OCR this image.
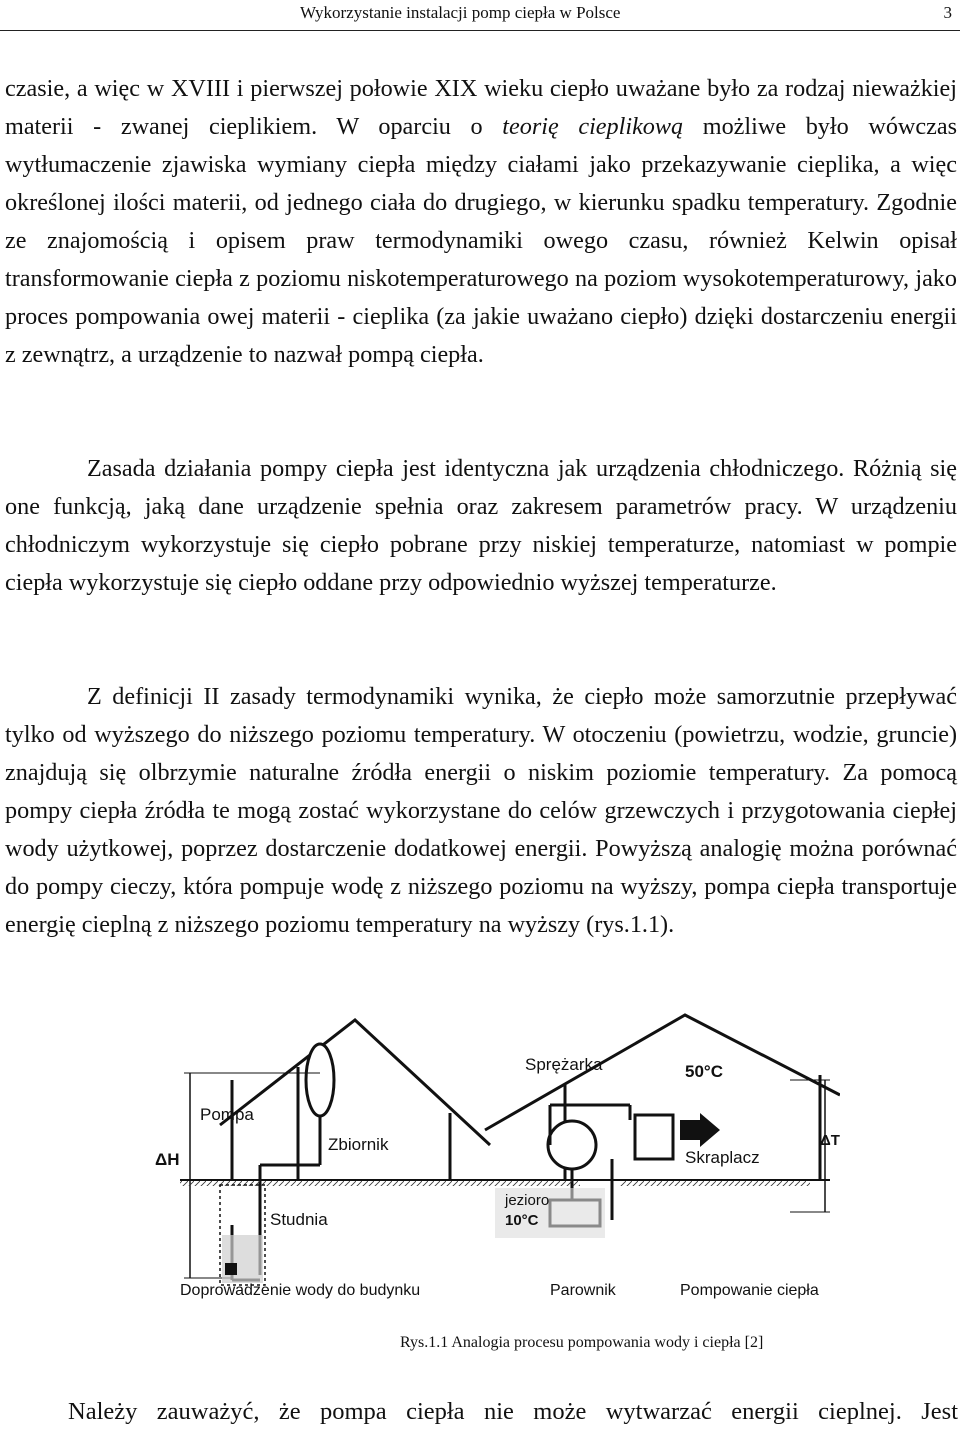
Wykorzystanie instalacji pomp ciepła w Polsce	3

czasie, a więc w XVIII i pierwszej połowie XIX wieku ciepło uważane było za rodzaj nieważkiej materii - zwanej cieplikiem. W oparciu o teorię cieplikową możliwe było wówczas wytłumaczenie zjawiska wymiany ciepła między ciałami jako przekazywanie cieplika, a więc określonej ilości materii, od jednego ciała do drugiego, w kierunku spadku temperatury. Zgodnie ze znajomością i opisem praw termodynamiki owego czasu, również Kelwin opisał transformowanie ciepła z poziomu niskotemperaturowego na poziom wysokotemperaturowy, jako proces pompowania owej materii - cieplika (za jakie uważano ciepło) dzięki dostarczeniu energii z zewnątrz, a urządzenie to nazwał pompą ciepła.

Zasada działania pompy ciepła jest identyczna jak urządzenia chłodniczego. Różnią się one funkcją, jaką dane urządzenie spełnia oraz zakresem parametrów pracy. W urządzeniu chłodniczym wykorzystuje się ciepło pobrane przy niskiej temperaturze, natomiast w pompie ciepła wykorzystuje się ciepło oddane przy odpowiednio wyższej temperaturze.

Z definicji II zasady termodynamiki wynika, że ciepło może samorzutnie przepływać tylko od wyższego do niższego poziomu temperatury. W otoczeniu (powietrzu, wodzie, gruncie) znajdują się olbrzymie naturalne źródła energii o niskim poziomie temperatury. Za pomocą pompy ciepła źródła te mogą zostać wykorzystane do celów grzewczych i przygotowania ciepłej wody użytkowej, poprzez dostarczenie dodatkowej energii. Powyższą analogię można porównać do pompy cieczy, która pompuje wodę z niższego poziomu na wyższy, pompa ciepła transportuje energię cieplną z niższego poziomu temperatury na wyższy (rys.1.1).

Pompa
Zbiornik
ΔH
Studnia
Doprowadzenie wody do budynku
Sprężarka	50°C
Skraplacz
ΔT
jezioro
10°C
Parownik	Pompowanie ciepła
Rys.1.1 Analogia procesu pompowania wody i ciepła [2]
Należy zauważyć, że pompa ciepła nie może wytwarzać energii cieplnej. Jest
